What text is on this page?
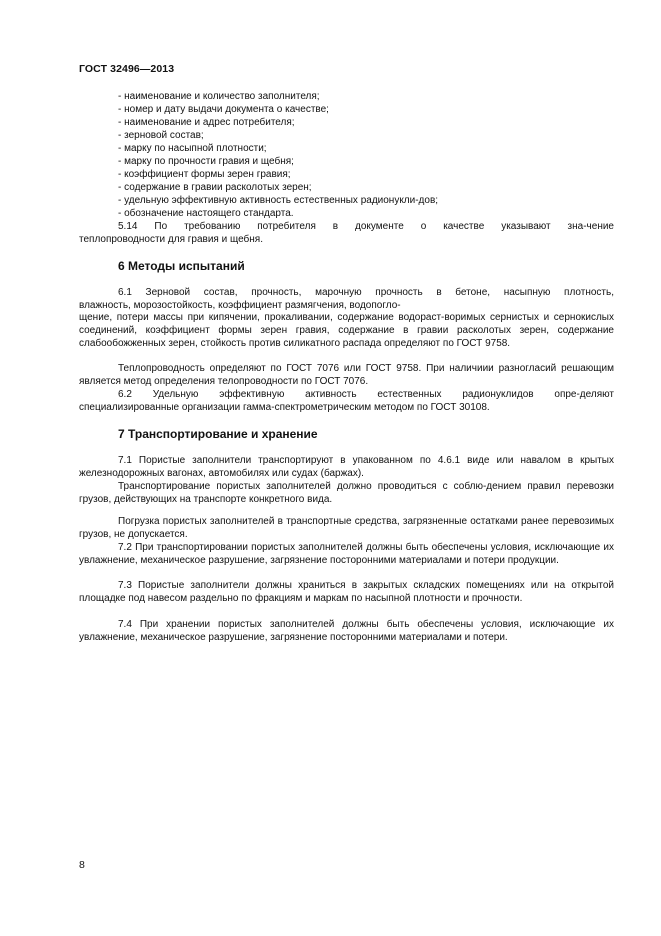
ГОСТ 32496—2013
- наименование и количество заполнителя;
- номер и дату выдачи документа о качестве;
- наименование и адрес потребителя;
- зерновой состав;
- марку по насыпной плотности;
- марку по прочности гравия и щебня;
- коэффициент формы зерен гравия;
- содержание в гравии расколотых зерен;
- удельную эффективную активность естественных радионукли-дов;
- обозначение настоящего стандарта.

5.14 По требованию потребителя в документе о качестве указывают зна-чение

теплопроводности для гравия и щебня.

6 Методы испытаний

6.1 Зерновой состав, прочность, марочную прочность в бетоне, насыпную плотность,

влажность, морозостойкость, коэффициент размягчения, водопогло-

щение, потери массы при кипячении, прокаливании, содержание водораст-воримых сернистых и сернокислых соединений, коэффициент формы зерен гравия, содержание в гравии расколотых зерен, содержание слабообожженных зерен, стойкость против силикатного распада определяют по ГОСТ 9758.

Теплопроводность определяют по ГОСТ 7076 или ГОСТ 9758. При наличиии разногласий решающим является метод определения телопроводности по ГОСТ 7076.

6.2 Удельную эффективную активность естественных радионуклидов опре-деляют

специализированные организации гамма-спектрометрическим методом по ГОСТ 30108.

7 Транспортирование и хранение

7.1 Пористые заполнители транспортируют в упакованном по 4.6.1 виде или навалом в крытых железнодорожных вагонах, автомобилях или судах (баржах).

Транспортирование пористых заполнителей должно проводиться с соблю-дением правил перевозки грузов, действующих на транспорте конкретного вида.

Погрузка пористых заполнителей в транспортные средства, загрязненные остатками ранее перевозимых грузов, не допускается.

7.2 При транспортировании пористых заполнителей должны быть обеспечены условия, исключающие их увлажнение, механическое разрушение, загрязнение посторонними материалами и потери продукции.

7.3 Пористые заполнители должны храниться в закрытых складских помещениях или на открытой площадке под навесом раздельно по фракциям и маркам по насыпной плотности и прочности.

7.4 При хранении пористых заполнителей должны быть обеспечены условия, исключающие их увлажнение, механическое разрушение, загрязнение посторонними материалами и потери.

8
